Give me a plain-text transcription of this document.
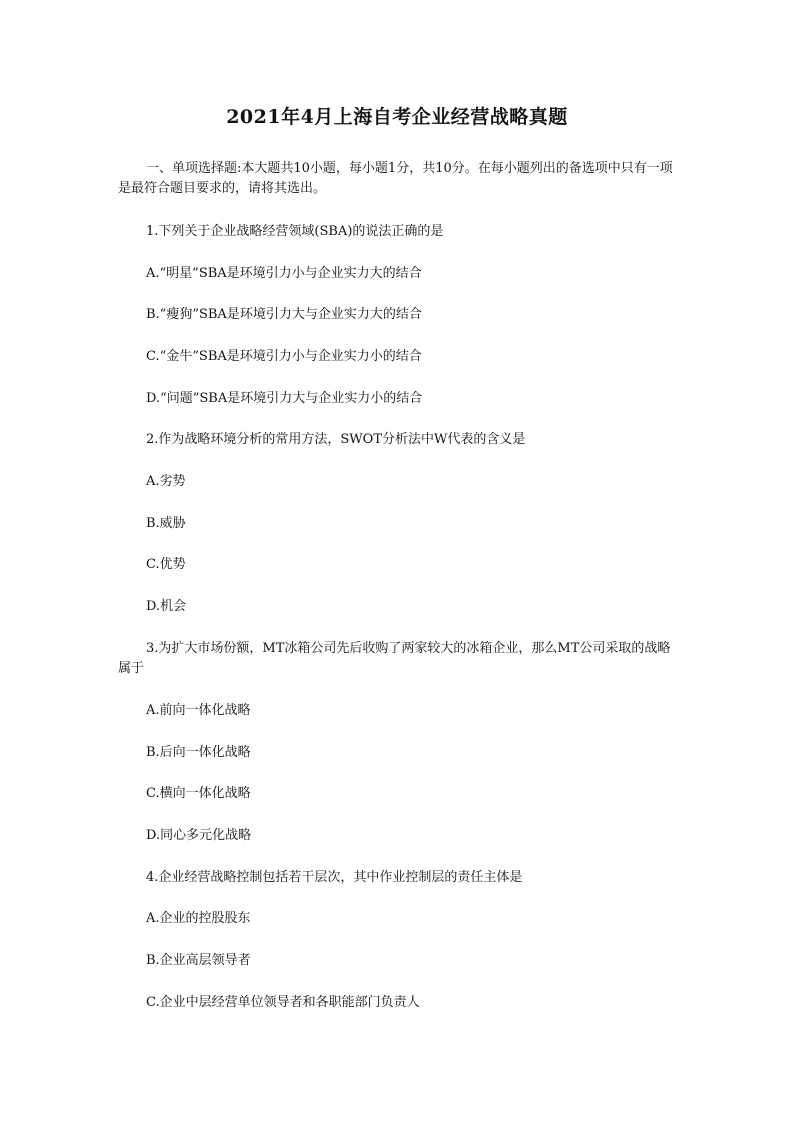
2021年4月上海自考企业经营战略真题
一、单项选择题:本大题共10小题，每小题1分，共10分。在每小题列出的备选项中只有一项是最符合题目要求的，请将其选出。
1.下列关于企业战略经营领域(SBA)的说法正确的是
A.“明星”SBA是环境引力小与企业实力大的结合
B.“瘦狗”SBA是环境引力大与企业实力大的结合
C.“金牛”SBA是环境引力小与企业实力小的结合
D.“问题”SBA是环境引力大与企业实力小的结合
2.作为战略环境分析的常用方法，SWOT分析法中W代表的含义是
A.劣势
B.威胁
C.优势
D.机会
3.为扩大市场份额，MT冰箱公司先后收购了两家较大的冰箱企业，那么MT公司采取的战略属于
A.前向一体化战略
B.后向一体化战略
C.横向一体化战略
D.同心多元化战略
4.企业经营战略控制包括若干层次，其中作业控制层的责任主体是
A.企业的控股股东
B.企业高层领导者
C.企业中层经营单位领导者和各职能部门负责人
